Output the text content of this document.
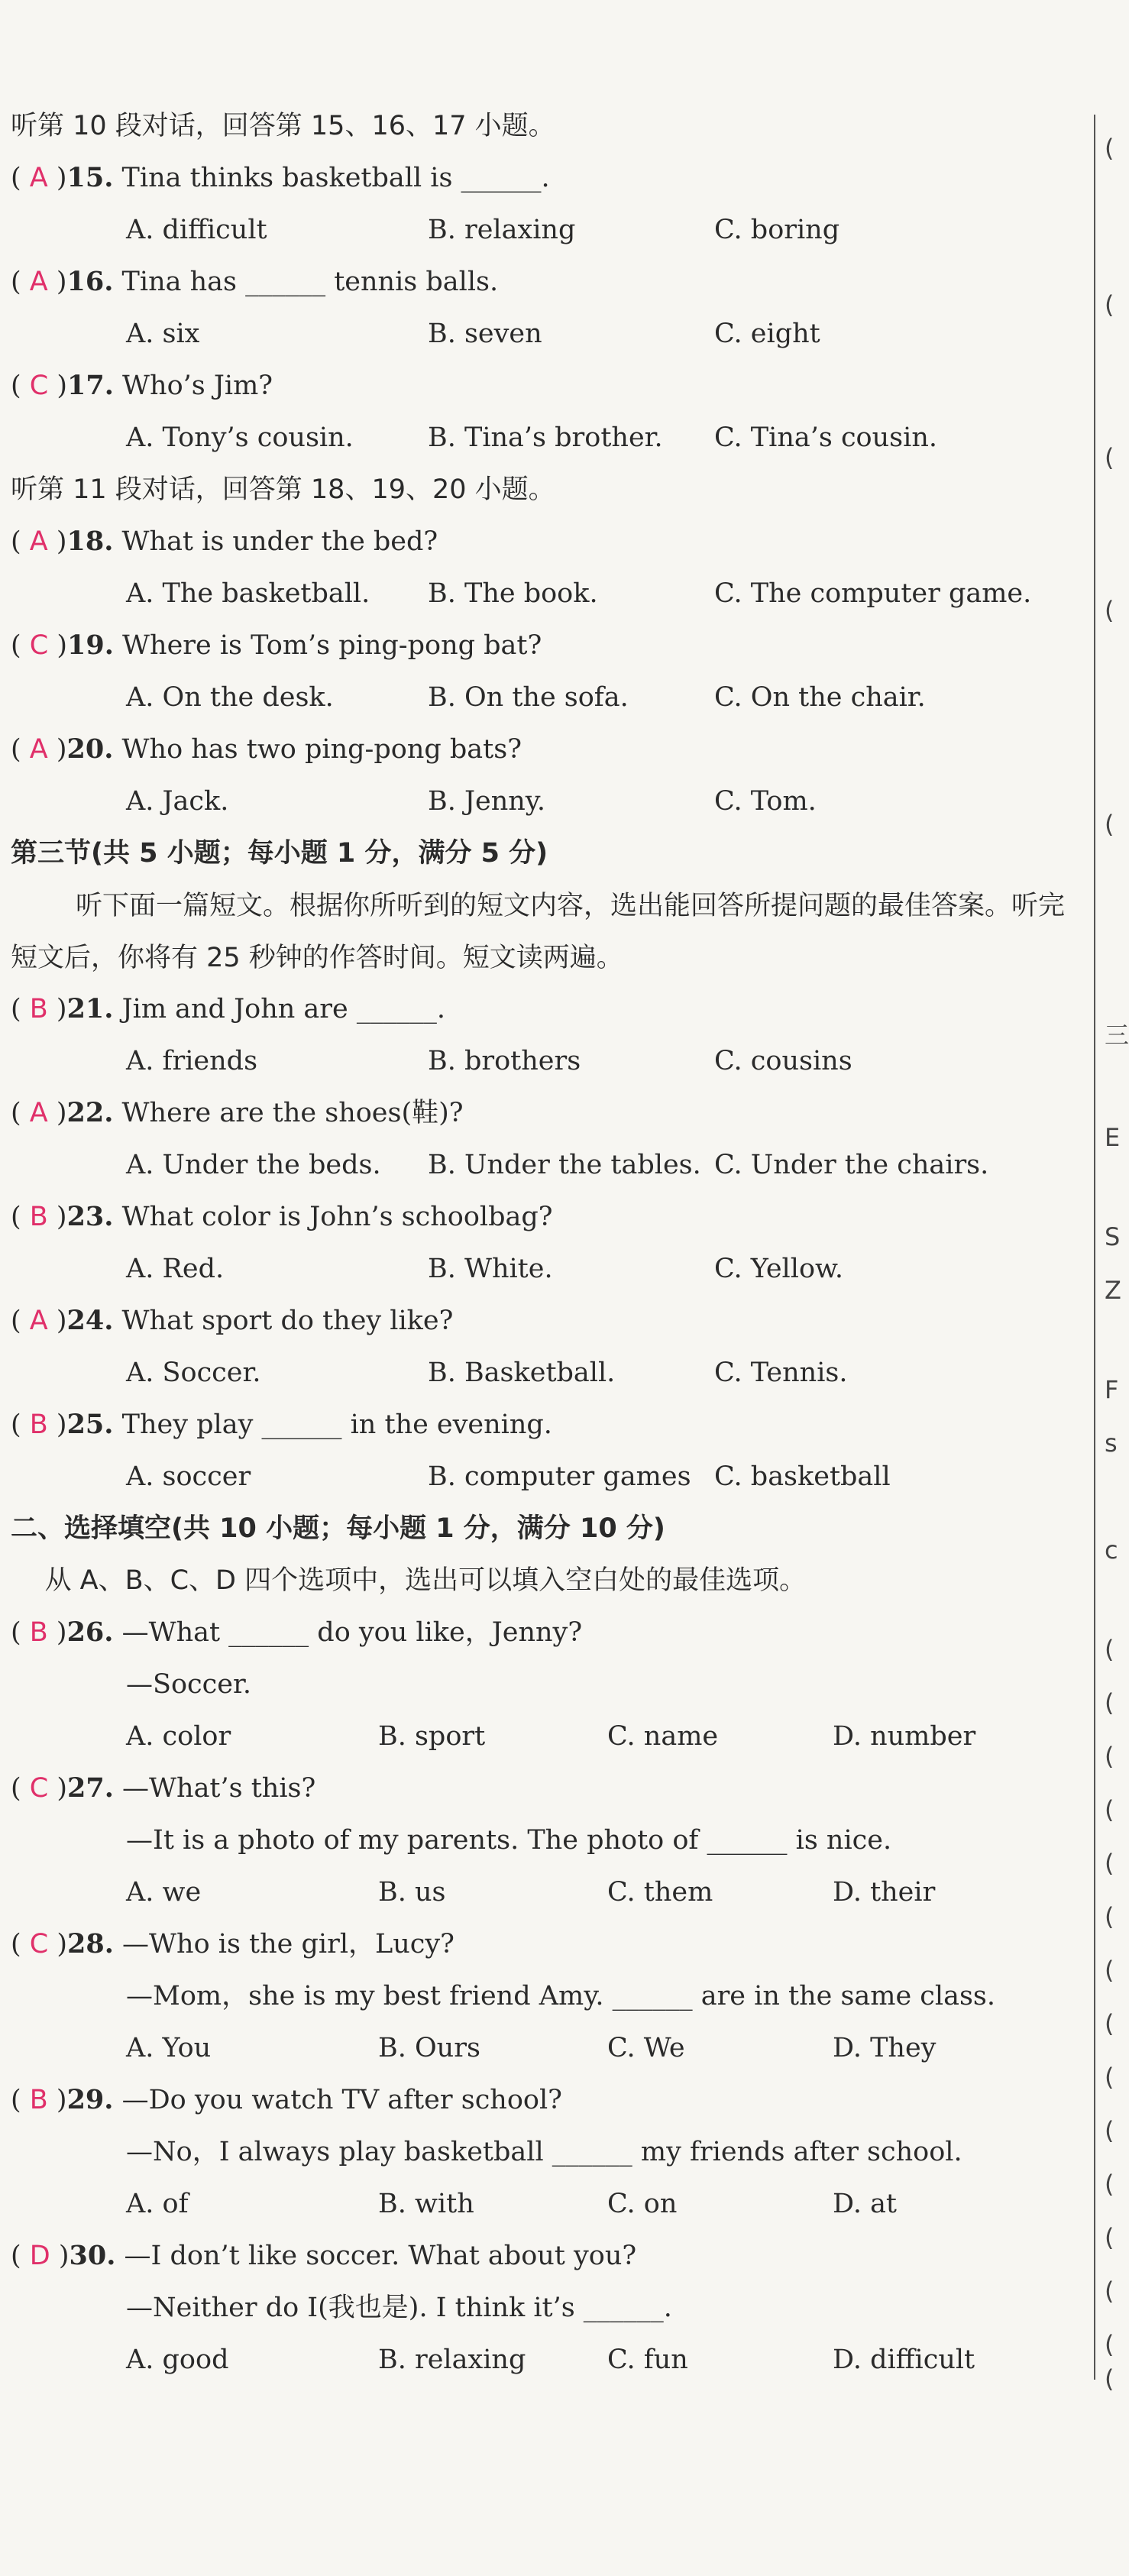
听第 10 段对话，回答第 15、16、17 小题。
( A )15. Tina thinks basketball is ______.
A. difficult	B. relaxing	C. boring
( A )16. Tina has ______ tennis balls.
A. six	B. seven	C. eight
( C )17. Who’s Jim?
A. Tony’s cousin.	B. Tina’s brother. C. Tina’s cousin.
听第 11 段对话，回答第 18、19、20 小题。
( A )18. What is under the bed?
A. The basketball. B. The book.	C. The computer game.
( C )19. Where is Tom’s ping-pong bat?
A. On the desk.	B. On the sofa.	C. On the chair.
( A )20. Who has two ping-pong bats?
A. Jack.	B. Jenny.	C. Tom.
第三节(共 5 小题；每小题 1 分，满分 5 分)
听下面一篇短文。根据你所听到的短文内容，选出能回答所提问题的最佳答案。听完短文后，你将有 25 秒钟的作答时间。短文读两遍。
( B )21. Jim and John are ______.
A. friends	B. brothers	C. cousins
( A )22. Where are the shoes(鞋)?
A. Under the beds. B. Under the tables. C. Under the chairs.
( B )23. What color is John’s schoolbag?
A. Red.	B. White.	C. Yellow.
( A )24. What sport do they like?
A. Soccer.	B. Basketball.	C. Tennis.
( B )25. They play ______ in the evening.
A. soccer	B. computer games C. basketball
二、选择填空(共 10 小题；每小题 1 分，满分 10 分)
从 A、B、C、D 四个选项中，选出可以填入空白处的最佳选项。
( B )26. —What ______ do you like，Jenny?
—Soccer.
A. color	B. sport	C. name	D. number
( C )27. —What’s this?
—It is a photo of my parents. The photo of ______ is nice.
A. we	B. us	C. them	D. their
( C )28. —Who is the girl，Lucy?
—Mom，she is my best friend Amy. ______ are in the same class.
A. You	B. Ours	C. We	D. They
( B )29. —Do you watch TV after school?
—No，I always play basketball ______ my friends after school.
A. of	B. with	C. on	D. at
( D )30. —I don’t like soccer. What about you?
—Neither do I(我也是). I think it’s ______.
A. good	B. relaxing	C. fun	D. difficult
(
(
(
(
(
三
E
S
Z
F
s
c
(
(
(
(
(
(
(
(
(
(
(
(
(
(
(
